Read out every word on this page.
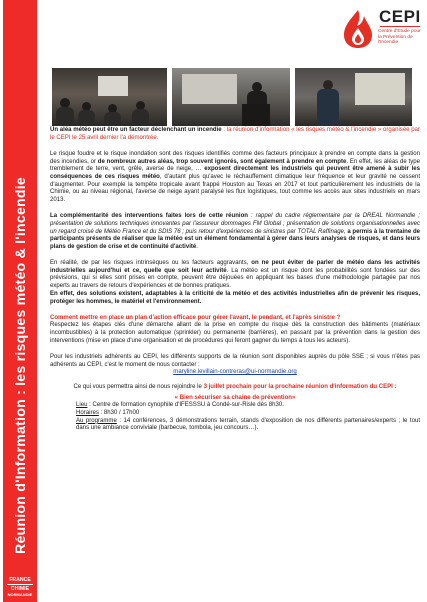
Réunion d'Information : les risques météo & l'incendie
FRANCE
CHIMIE
NORMANDIE
CEPI
Centre d'Etude pour la Prévention de l'Incendie

Un aléa météo peut être un facteur déclenchant un incendie : la réunion d'information « les risques météo & l'incendie » organisée par le CEPI le 25 avril dernier l'a démontrée.

Le risque foudre et le risque inondation sont des risques identifiés comme des facteurs principaux à prendre en compte dans la gestion des incendies, or de nombreux autres aléas, trop souvent ignorés, sont également à prendre en compte. En effet, les aléas de type tremblement de terre, vent, grêle, averse de neige, … exposent directement les industriels qui peuvent être amené à subir les conséquences de ces risques météo, d'autant plus qu'avec le réchauffement climatique leur fréquence et leur gravité ne cessent d'augmenter. Pour exemple la tempête tropicale avant frappé Houston au Texas en 2017 et tout particulièrement les industriels de la Chimie, ou au niveau régional, l'averse de neige ayant paralysé les flux logistiques, tout comme les accès aux sites industriels en mars 2013.

La complémentarité des interventions faites lors de cette réunion : rappel du cadre réglementaire par la DREAL Normandie ; présentation de solutions techniques innovantes par l'assureur dommages FM Global ; présentation de solutions organisationnelles avec un regard croisé de Météo France et du SDIS 76 ; puis retour d'expériences de sinistres par TOTAL Raffinage, a permis à la trentaine de participants présents de réaliser que la météo est un élément fondamental à gérer dans leurs analyses de risques, et dans leurs plans de gestion de crise et de continuité d'activité.

En réalité, de par les risques intrinsèques ou les facteurs aggravants, on ne peut éviter de parler de météo dans les activités industrielles aujourd'hui et ce, quelle que soit leur activité. La météo est un risque dont les probabilités sont fondées sur des prévisions, qui si elles sont prises en compte, peuvent être déjouées en appliquant les bases d'une méthodologie partagée par nos experts au travers de retours d'expériences et de bonnes pratiques.

En effet, des solutions existent, adaptables à la criticité de la météo et des activités industrielles afin de prévenir les risques, protéger les hommes, le matériel et l'environnement.

Comment mettre en place un plan d'action efficace pour gérer l'avant, le pendant, et l'après sinistre ?

Respectez les étapes clés d'une démarche allant de la prise en compte du risque dès la construction des bâtiments (matériaux incombustibles) à la protection automatique (sprinkler) ou permanente (barrières), en passant par la prévention dans la gestion des interventions (mise en place d'une organisation et de procédures qui feront gagner du temps à tous les acteurs).

Pour les industriels adhérents au CEPI, les différents supports de la réunion sont disponibles auprès du pôle SSE ; si vous n'êtes pas adhérents au CEPI, c'est le moment de nous contacter :

maryline.levillain-contreras@ui-normandie.org

Ce qui vous permettra ainsi de nous rejoindre le 3 juillet prochain pour la prochaine réunion d'information du CEPI :

« Bien sécuriser sa chaîne de prévention»
Lieu : Centre de formation cynophile d'IFESSSU à Condé-sur-Risle dès 8h30.
Horaires : 8h30 / 17h00
Au programme : 14 conférences, 3 démonstrations terrain, stands d'exposition de nos différents partenaires/experts ; le tout dans une ambiance conviviale (barbecue, tombola, jeu concours…).
